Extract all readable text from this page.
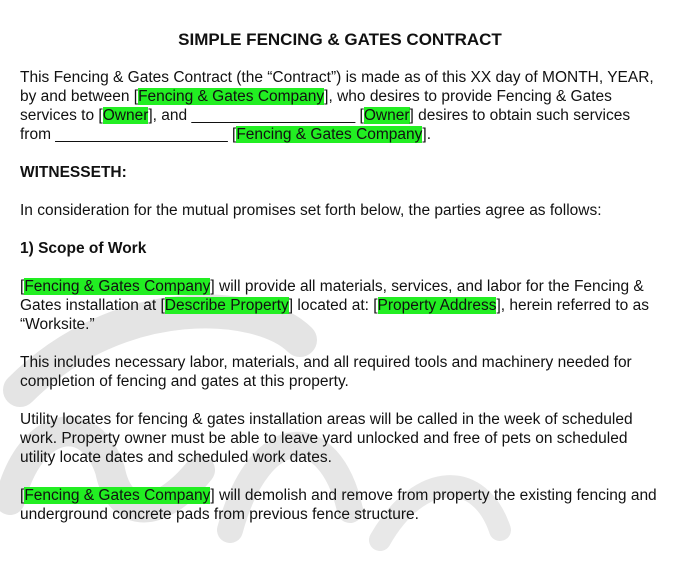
SIMPLE FENCING & GATES CONTRACT

This Fencing & Gates Contract (the “Contract”) is made as of this XX day of MONTH, YEAR, by and between [Fencing & Gates Company], who desires to provide Fencing & Gates services to [Owner], and ___________________ [Owner] desires to obtain such services from ____________________ [Fencing & Gates Company].

WITNESSETH:

In consideration for the mutual promises set forth below, the parties agree as follows:

1) Scope of Work

[Fencing & Gates Company] will provide all materials, services, and labor for the Fencing & Gates installation at [Describe Property] located at: [Property Address], herein referred to as “Worksite.”

This includes necessary labor, materials, and all required tools and machinery needed for completion of fencing and gates at this property.

Utility locates for fencing & gates installation areas will be called in the week of scheduled work. Property owner must be able to leave yard unlocked and free of pets on scheduled utility locate dates and scheduled work dates.

[Fencing & Gates Company] will demolish and remove from property the existing fencing and underground concrete pads from previous fence structure.
